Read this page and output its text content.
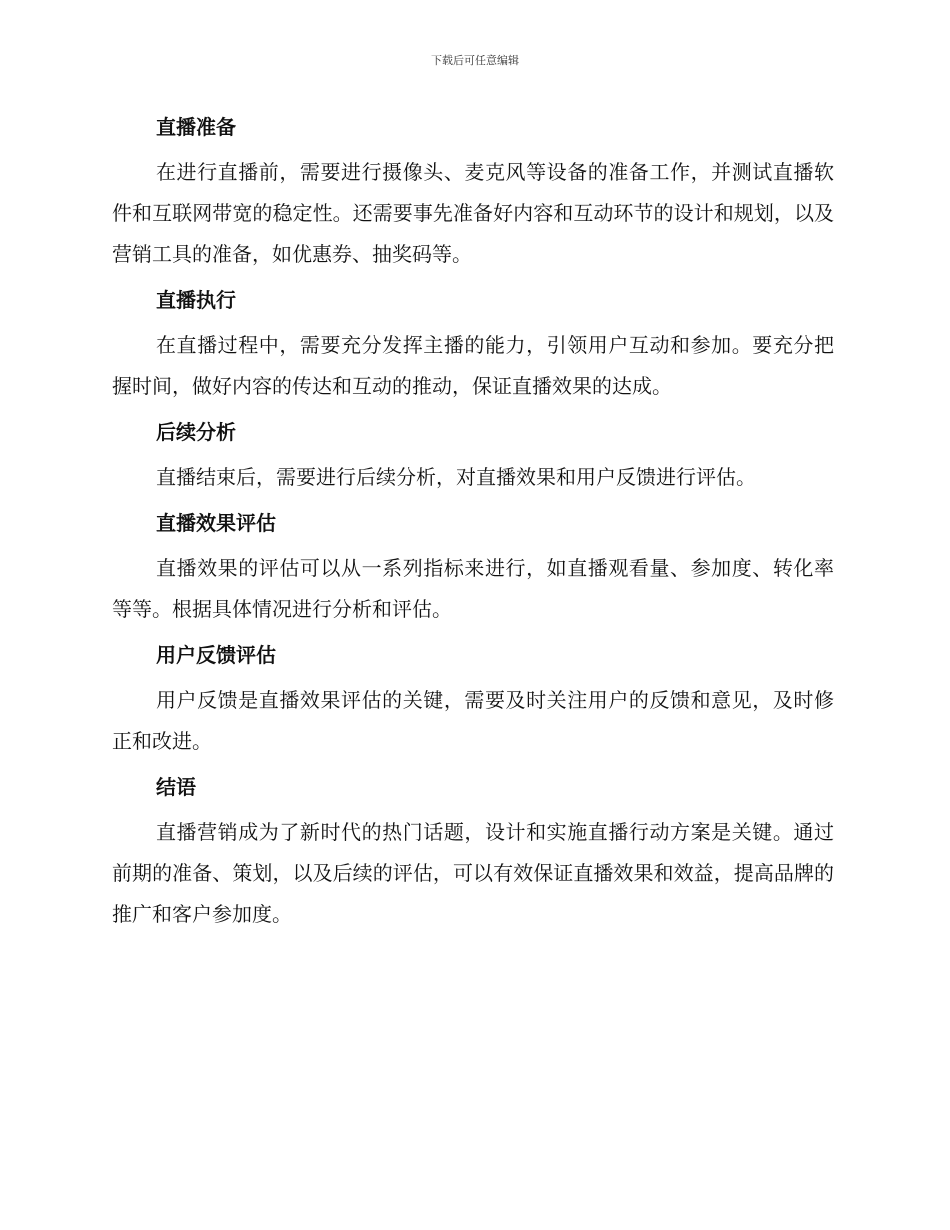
下载后可任意编辑
直播准备

在进行直播前，需要进行摄像头、麦克风等设备的准备工作，并测试直播软件和互联网带宽的稳定性。还需要事先准备好内容和互动环节的设计和规划，以及营销工具的准备，如优惠券、抽奖码等。

直播执行

在直播过程中，需要充分发挥主播的能力，引领用户互动和参加。要充分把握时间，做好内容的传达和互动的推动，保证直播效果的达成。

后续分析

直播结束后，需要进行后续分析，对直播效果和用户反馈进行评估。

直播效果评估

直播效果的评估可以从一系列指标来进行，如直播观看量、参加度、转化率等等。根据具体情况进行分析和评估。

用户反馈评估

用户反馈是直播效果评估的关键，需要及时关注用户的反馈和意见，及时修正和改进。

结语

直播营销成为了新时代的热门话题，设计和实施直播行动方案是关键。通过前期的准备、策划，以及后续的评估，可以有效保证直播效果和效益，提高品牌的推广和客户参加度。
